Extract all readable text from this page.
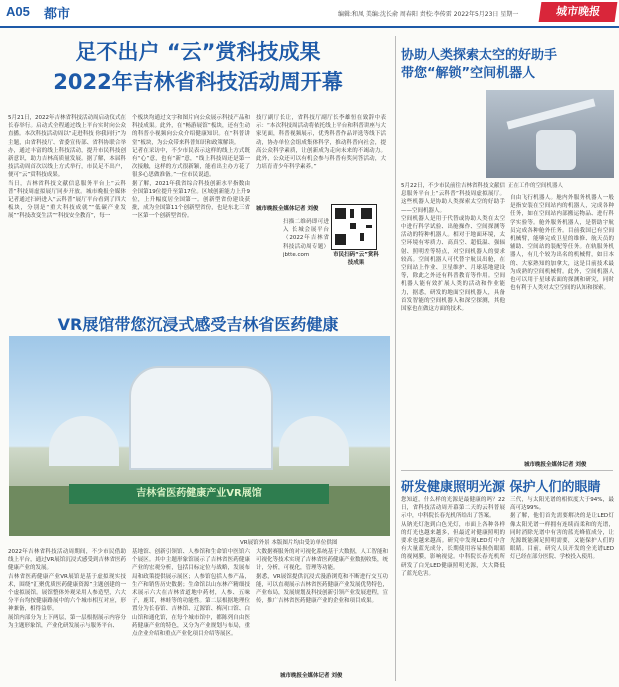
A05 都市	编辑:和凤 美编:沈长俞 周春阳 责校:李传雷 2022年5月23日 星期一	城市晚报
足不出户 “云”赏科技成果
2022年吉林省科技活动周开幕
5月21日，2022年吉林省科技活动周启动仪式在长春举行。启动式全程通过线上平台实时向公众直播。本次科技活动周以“走进科技 你我同行”为主题，由省科技厅、省委宣传部、省科协联合举办，通过丰富的线上科技活动，提升市民科技创新意识，助力吉林高质量发展。据了解，本届科技活动周首次以线上方式举行，市民足不出户，便可“云”赏科技成果。
当日，吉林省科技文献信息服务平台上“云科普”科技周虚拟展厅同步开放。城市晚报全媒体记者通过扫码进入“云科普”展厅平台看到了四大板块，分别是“重大科技成就”“低碳产业发展”“科技改变生活”“科技安全教育”，每一
个板块均通过文字和图片向公众展示科技产品和科技成果。此外，在“畅游展馆”板块，还有生动的科普小视频向公众介绍健康知识。在“科普讲堂”板块，为公众带来科普知识和政策解读。
记者在采访中，不少市民表示这样的线上方式既有“心”意，也有“新”意，“线上科技周还是第一次接触，这样的方式很新颖，能看出主办方花了很多心思做准备。”一位市民说道。
据了解，2021年我省综合科技创新水平指数由全国第19位提升至第17位。区域创新能力上升9位，上升幅度居全国第一。创新型省份建设获批，成为全国第11个创新型省份，也是东北三省一区第一个创新型省份。
技厅副厅长让，省科技厅副厅长李雄恒在致辞中表示：“本次科技周活动将依托线上平台和科普讲座与大家见面，科普视频展示，优秀科普作品评选等线下活动，协办单位会组成集体科学，推动科普向社会，提高公众科学素质，让创新成为走向未来的不竭动力。此外，公众还可以有机会参与科普有奖问答活动，大力培育青少年科学素养。”
城市晚报全媒体记者 刘俊
扫描二维码即可进入 长城会展平台（2022年吉林省科技活动周专题）jbtte.com	市民扫码“云”赏科技成果
VR展馆带您沉浸式感受吉林省医药健康
吉林省医药健康产业VR展馆
VR展馆外景 本版图片均由受访单位供图
2022年吉林省科技活动周期间，不少市民借助线上平台，通过VR展馆沉浸式感受到吉林省医药健康产业的发展。
吉林省医药健康产业VR展馆是基于虚拟现实技术，围绕“汇聚优质医药健康资源”主题创建的一个虚拟展馆。展馆整体外观采用人参造型，六大分平台均按健康路展中的六个城市相互对应，形神兼备，相得益彰。
展馆内部分为上下两层，第一层根据展示内容分为主题形象馆，产业化研发展示与服务平台、
基地馆、创新引领馆、人参馆和生命馆中医馆六个展区。其中主题形象馆展示了吉林省医药健康产业的宏观分析，包括目标定位与战略，发展布局和政策提供展示展区；人参馆包括人参产品，生产和销售历史数据；生命馆以山东林产精细技术展示六大在吉林省道地中药材，人参、五味子，鹿茸，林蛙等的功能性。第二层根据地理位置分为长春馆、吉林馆、辽源馆、梅河口馆、白山馆和通化馆，在每个城市馆中，都陈列自由医药健康产业的特色，又分为产业规划与布局，重点企业介绍和重点产业化项目介绍等展区。
大数据赛服务的对可视化系统基于大数据，人工智能和可视化等技术实现了吉林省医药健康产业数据收集，统计，分析，可视化，管理等功能。
据悉，VR展馆提供沉浸式漫游浏览和不断进行交互功能，可以直观展示吉林省医药健康产业发展优势特色，产业布局，发展规划及科技创新引领产业发展进程，宣传，推广吉林省医药健康产业的企业和项目成果。
城市晚报全媒体记者 刘俊
协助人类探索太空的好助手
带您“解锁”空间机器人
正在工作的空间机器人
5月22日，不少市民前往吉林省科技文献信息服务平台上“云科普”科技周虚拟展厅。这些机器人是协助人类探索太空的好助手——空间机器人。
空间机器人是用于代替或协助人类在太空中进行科学试验、出舱操作、空间探测等活动的特种机器人。相对于地面环境，太空环境有零质力、高真空、超低温、强辐射、照明差等特点，对空间机器人的要求较高。空间机器人可代替宇航员出舱，在空间站上作业、卫星维护、月球基地建设等，除此之外还有科普教育等作用。空间机器人能有效扩展人类的活动和作业能力，据悉，研发的地面空间机器人，具备首发智能的空间机器人和深空探测，其他国家也在做这方面的技术。
自由飞行机器人。舱内外服务机器人一般是指安装在空间站内的机器人，完成各种任务，如在空间站内部搬运物品、进行科学实验等。舱外服务机器人，是帮助宇航员完成各种舱外任务。目前我国已有空间机械臂，能够完成卫星的维修、航天员的辅助、空间站的装配等任务。在轨服务机器人，有几个较为出名的机械臂，如日本的、大家熟知的加拿大，这是目前技术最为成熟的空间机械臂。此外，空间机器人也可以用于星球表面的探测和研究，同时也有利于人类对太空空间的认知和探索。
城市晚报全媒体记者 刘俊
研发健康照明光源 保护人们的眼睛
您知道，什么样的光源是最健康的吗？22日，省科技活动周开幕第二天的云科普展示中，中科院长春光机所给出了答案。
从钠光灯泡到白色光灯，市面上各种各样的灯光也越来越多，但最近对健康照明的要求也越来越高。研究中发现LED灯中含有大量蓝光成分，长期使用容易损伤眼睛的视网膜，影响视觉。中科院长春光机所研发了白光LED健康照明光源，大大降低了蓝光危害。
三代，与太阳光谱的相似度大于94%，最高可达99%。
据了解，他们首先需要解决的是让LED灯像太阳光谱一样拥有连续而柔和的光谱，同时消除光谱中有害的蓝光峰值成分，让光源既能满足照明需要，又能保护人们的眼睛。目前，研究人员开发的全光谱LED灯已经在部分医院、学校投入使用。
